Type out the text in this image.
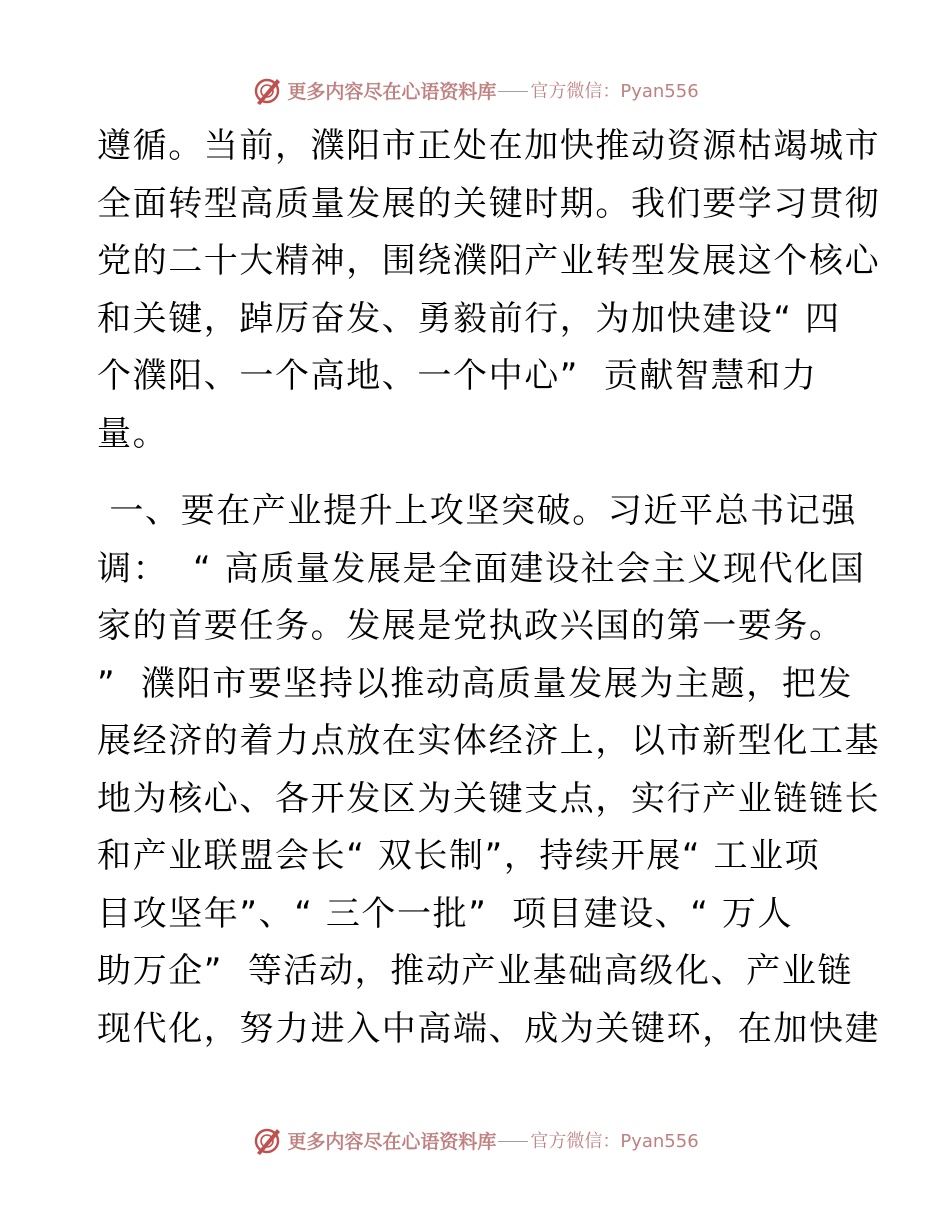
更多内容尽在心语资料库 官方微信：Pyan556

遵循。当前，濮阳市正处在加快推动资源枯竭城市
全面转型高质量发展的关键时期。我们要学习贯彻
党的二十大精神，围绕濮阳产业转型发展这个核心
和关键，踔厉奋发、勇毅前行，为加快建设“ 四
个濮阳、一个高地、一个中心”  贡献智慧和力
量。

一、要在产业提升上攻坚突破。习近平总书记强
调：  “ 高质量发展是全面建设社会主义现代化国
家的首要任务。发展是党执政兴国的第一要务。
”  濮阳市要坚持以推动高质量发展为主题，把发
展经济的着力点放在实体经济上，以市新型化工基
地为核心、各开发区为关键支点，实行产业链链长
和产业联盟会长“ 双长制”，持续开展“ 工业项
目攻坚年”、“ 三个一批”  项目建设、“ 万人
助万企”  等活动，推动产业基础高级化、产业链
现代化，努力进入中高端、成为关键环，在加快建

更多内容尽在心语资料库 官方微信：Pyan556
